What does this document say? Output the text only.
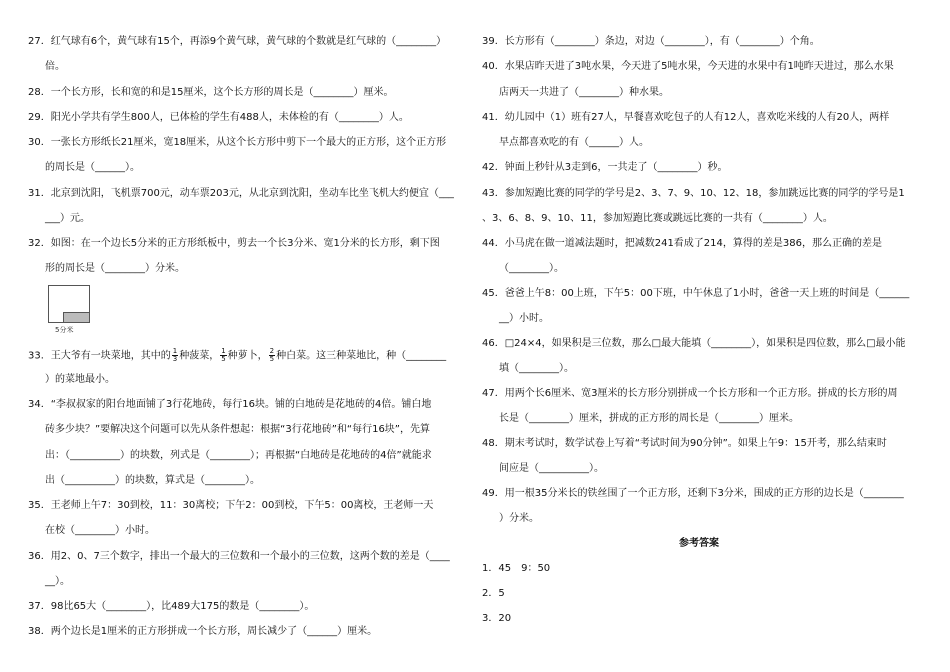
27．红气球有6个，黄气球有15个，再添9个黄气球，黄气球的个数就是红气球的（________）
倍。
28．一个长方形，长和宽的和是15厘米，这个长方形的周长是（________）厘米。
29．阳光小学共有学生800人，已体检的学生有488人，未体检的有（________）人。
30．一张长方形纸长21厘米，宽18厘米，从这个长方形中剪下一个最大的正方形，这个正方形
的周长是（______）。
31．北京到沈阳，飞机票700元，动车票203元，从北京到沈阳，坐动车比坐飞机大约便宜（___
___）元。
32．如图：在一个边长5分米的正方形纸板中，剪去一个长3分米、宽1分米的长方形，剩下图
形的周长是（________）分米。
5分米
33．王大爷有一块菜地，其中的 $\frac{1}{3}$ 种菠菜， $\frac{1}{5}$ 种萝卜， $\frac{2}{5}$ 种白菜。这三种菜地比，种（________
）的菜地最小。
34．“李叔叔家的阳台地面铺了3行花地砖，每行16块。铺的白地砖是花地砖的4倍。铺白地
砖多少块？”要解决这个问题可以先从条件想起：根据“3行花地砖”和“每行16块”，先算
出：（__________）的块数，列式是（________）；再根据“白地砖是花地砖的4倍”就能求
出（__________）的块数，算式是（________）。
35．王老师上午7：30到校，11：30离校；下午2：00到校，下午5：00离校，王老师一天
在校（________）小时。
36．用2、0、7三个数字，排出一个最大的三位数和一个最小的三位数，这两个数的差是（____
__）。
37．98比65大（________），比489大175的数是（________）。
38．两个边长是1厘米的正方形拼成一个长方形，周长减少了（______）厘米。
39．长方形有（________）条边，对边（________），有（________）个角。
40．水果店昨天进了3吨水果，今天进了5吨水果，今天进的水果中有1吨昨天进过，那么水果
店两天一共进了（________）种水果。
41．幼儿园中（1）班有27人，早餐喜欢吃包子的人有12人，喜欢吃米线的人有20人，两样
早点都喜欢吃的有（______）人。
42．钟面上秒针从3走到6，一共走了（________）秒。
43．参加短跑比赛的同学的学号是2、3、7、9、10、12、18，参加跳远比赛的同学的学号是1
、3、6、8、9、10、11，参加短跑比赛或跳远比赛的一共有（________）人。
44．小马虎在做一道减法题时，把减数241看成了214，算得的差是386，那么正确的差是
（________）。
45．爸爸上午8：00上班，下午5：00下班，中午休息了1小时，爸爸一天上班的时间是（______
__）小时。
46．□24×4，如果积是三位数，那么□最大能填（________），如果积是四位数，那么□最小能
填（________）。
47．用两个长6厘米、宽3厘米的长方形分别拼成一个长方形和一个正方形。拼成的长方形的周
长是（________）厘米，拼成的正方形的周长是（________）厘米。
48．期末考试时，数学试卷上写着“考试时间为90分钟”。如果上午9：15开考，那么结束时
间应是（__________）。
49．用一根35分米长的铁丝围了一个正方形，还剩下3分米，围成的正方形的边长是（________
）分米。
参考答案
1．45　9：50
2．5
3．20
